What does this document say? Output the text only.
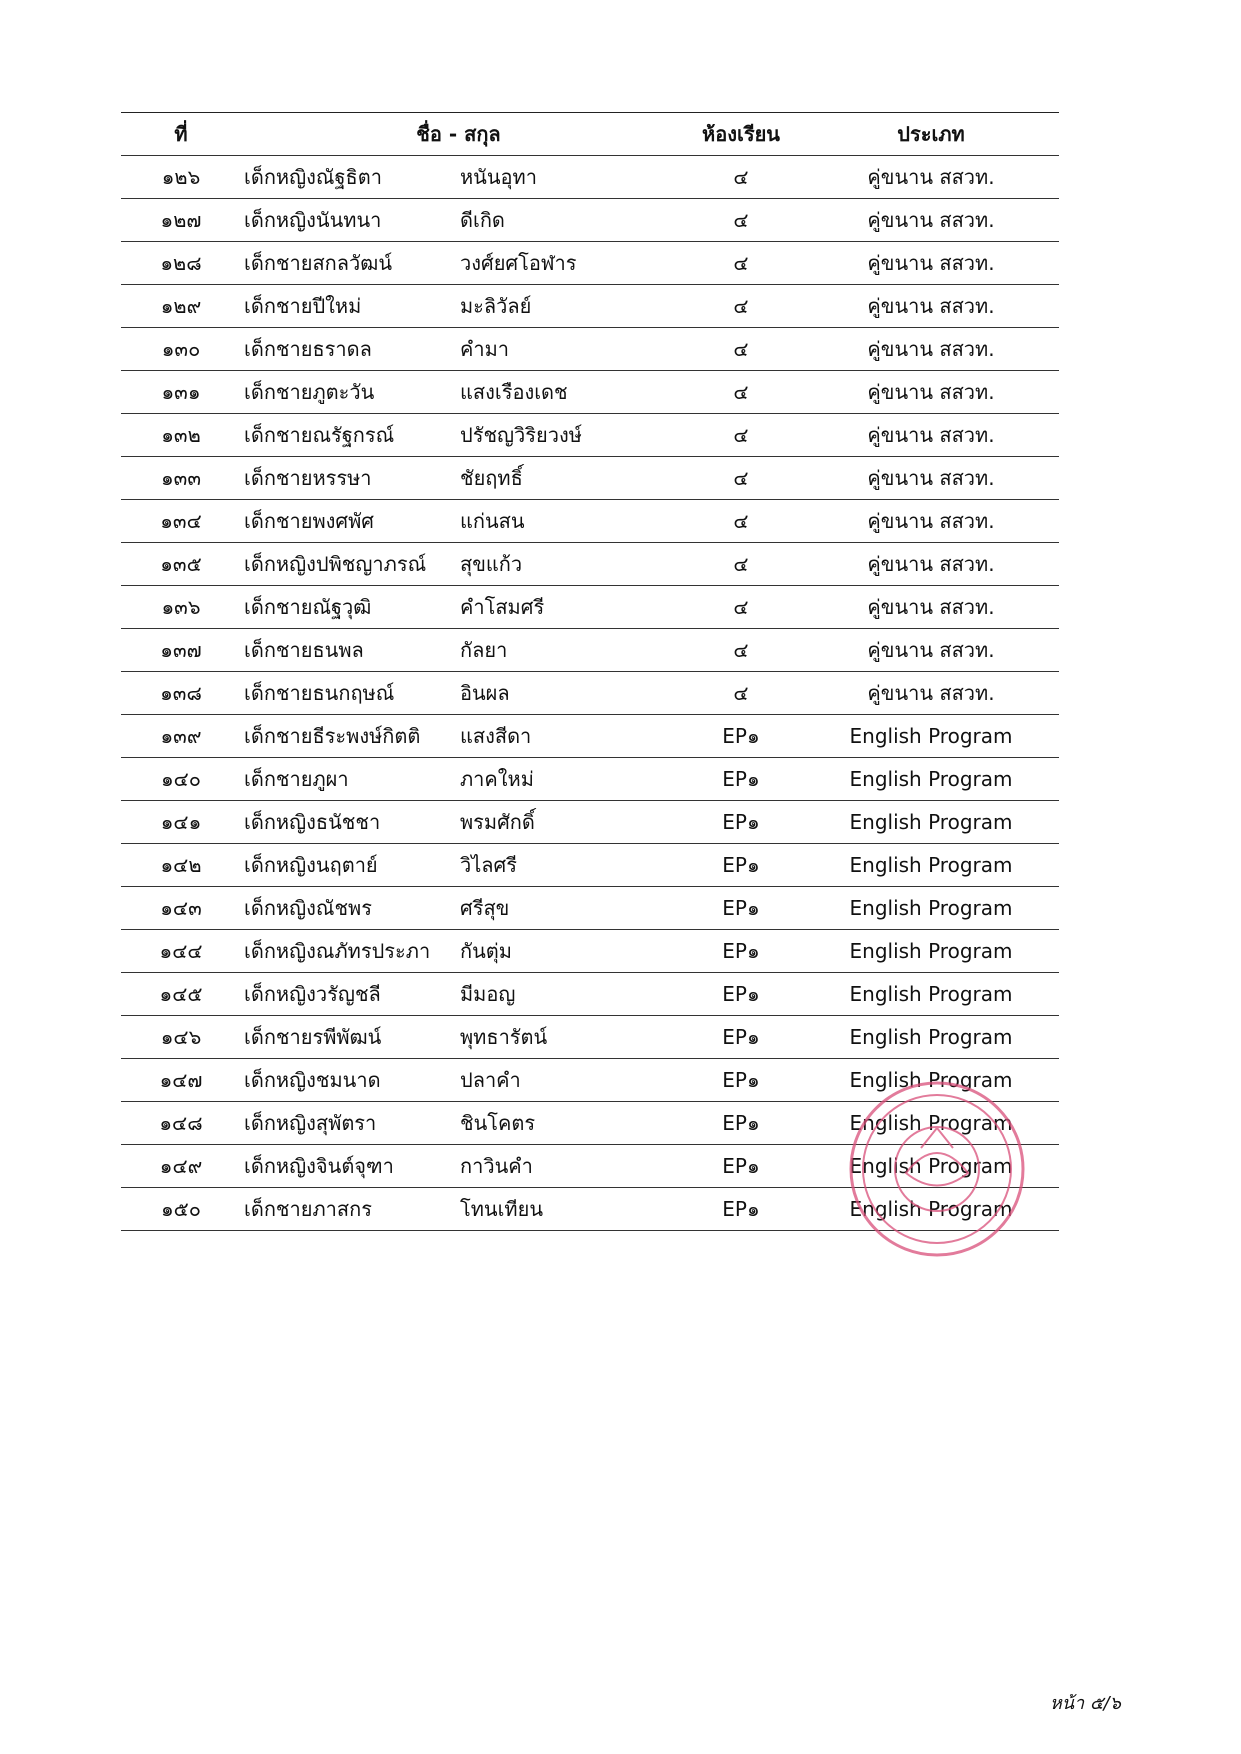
ที่	ชื่อ - สกุล	ห้องเรียน	ประเภท
๑๒๖	เด็กหญิงณัฐธิตา	หนันอุทา	๔	คู่ขนาน สสวท.
๑๒๗	เด็กหญิงนันทนา	ดีเกิด	๔	คู่ขนาน สสวท.
๑๒๘	เด็กชายสกลวัฒน์	วงศ์ยศโอฬาร	๔	คู่ขนาน สสวท.
๑๒๙	เด็กชายปีใหม่	มะลิวัลย์	๔	คู่ขนาน สสวท.
๑๓๐	เด็กชายธราดล	คำมา	๔	คู่ขนาน สสวท.
๑๓๑	เด็กชายภูตะวัน	แสงเรืองเดช	๔	คู่ขนาน สสวท.
๑๓๒	เด็กชายณรัฐกรณ์	ปรัชญวิริยวงษ์	๔	คู่ขนาน สสวท.
๑๓๓	เด็กชายหรรษา	ชัยฤทธิ์	๔	คู่ขนาน สสวท.
๑๓๔	เด็กชายพงศพัศ	แก่นสน	๔	คู่ขนาน สสวท.
๑๓๕	เด็กหญิงปพิชญาภรณ์	สุขแก้ว	๔	คู่ขนาน สสวท.
๑๓๖	เด็กชายณัฐวุฒิ	คำโสมศรี	๔	คู่ขนาน สสวท.
๑๓๗	เด็กชายธนพล	กัลยา	๔	คู่ขนาน สสวท.
๑๓๘	เด็กชายธนกฤษณ์	อินผล	๔	คู่ขนาน สสวท.
๑๓๙	เด็กชายธีระพงษ์กิตติ	แสงสีดา	EP๑	English Program
๑๔๐	เด็กชายภูผา	ภาคใหม่	EP๑	English Program
๑๔๑	เด็กหญิงธนัชชา	พรมศักดิ์	EP๑	English Program
๑๔๒	เด็กหญิงนฤตาย์	วิไลศรี	EP๑	English Program
๑๔๓	เด็กหญิงณัชพร	ศรีสุข	EP๑	English Program
๑๔๔	เด็กหญิงณภัทรประภา	กันตุ่ม	EP๑	English Program
๑๔๕	เด็กหญิงวรัญชลี	มีมอญ	EP๑	English Program
๑๔๖	เด็กชายรพีพัฒน์	พุทธารัตน์	EP๑	English Program
๑๔๗	เด็กหญิงชมนาด	ปลาคำ	EP๑	English Program
๑๔๘	เด็กหญิงสุพัตรา	ชินโคตร	EP๑	English Program
๑๔๙	เด็กหญิงจินต์จุฑา	กาวินคำ	EP๑	English Program
๑๕๐	เด็กชายภาสกร	โทนเทียน	EP๑	English Program
หน้า ๕/๖
